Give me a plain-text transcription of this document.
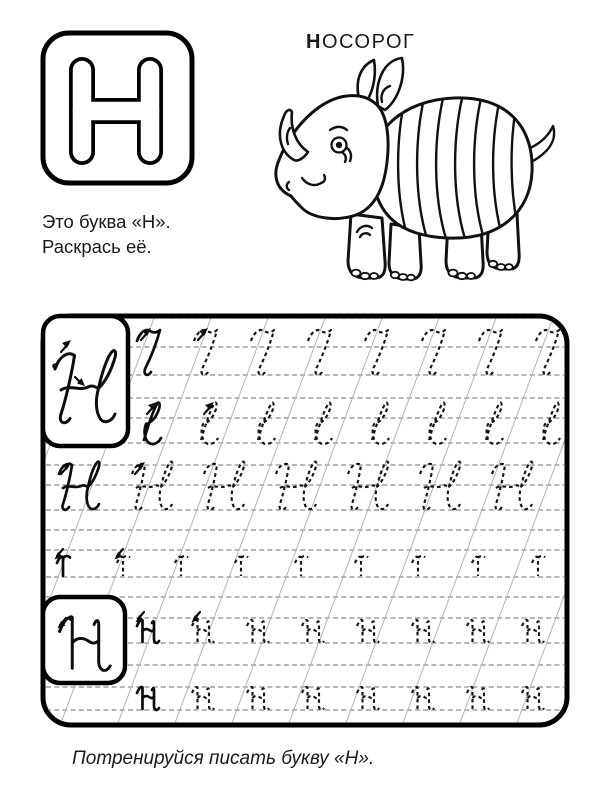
НОСОРОГ
Это буква «Н».
Раскрась её.
Потренируйся писать букву «Н».
